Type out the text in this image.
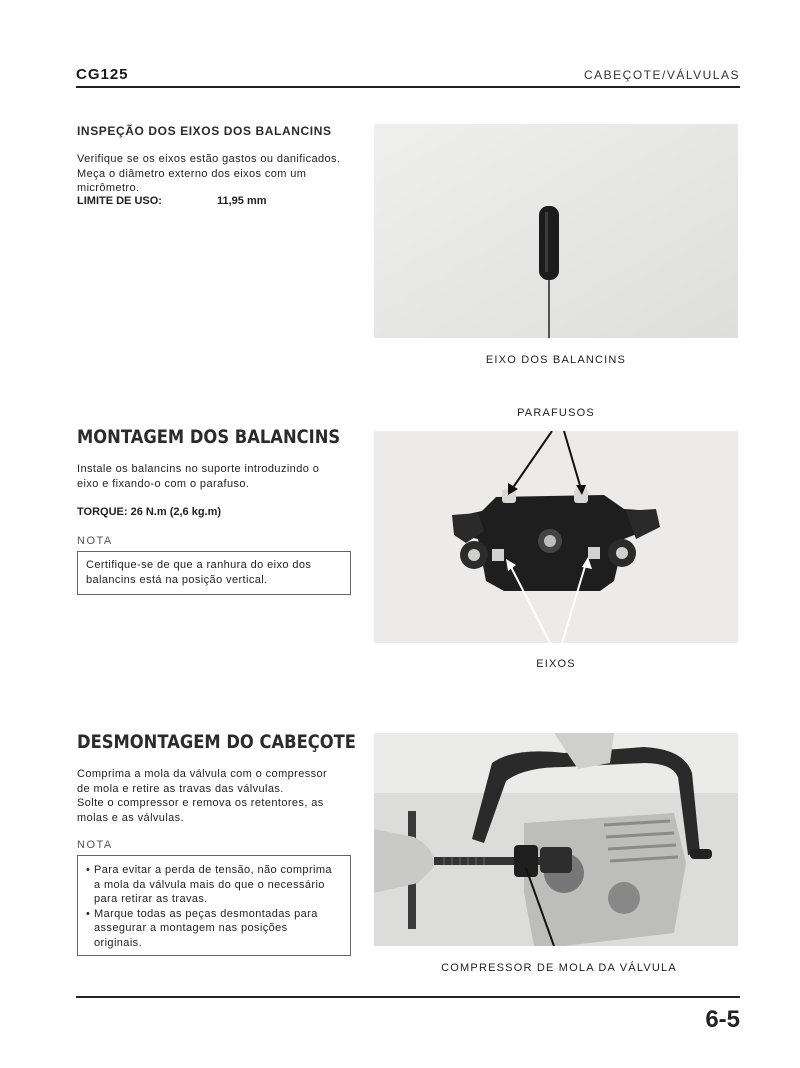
CG125	CABEÇOTE/VÁLVULAS
INSPEÇÃO DOS EIXOS DOS BALANCINS
Verifique se os eixos estão gastos ou danificados.
Meça o diâmetro externo dos eixos com um
micrômetro.
LIMITE DE USO:	11,95 mm
EIXO DOS BALANCINS
MONTAGEM DOS BALANCINS
Instale os balancins no suporte introduzindo o
eixo e fixando-o com o parafuso.
TORQUE: 26 N.m (2,6 kg.m)
NOTA
Certifique-se de que a ranhura do eixo dos
balancins está na posição vertical.
PARAFUSOS
EIXOS
DESMONTAGEM DO CABEÇOTE
Comprima a mola da válvula com o compressor
de mola e retire as travas das válvulas.
Solte o compressor e remova os retentores, as
molas e as válvulas.
NOTA
• Para evitar a perda de tensão, não comprima
a mola da válvula mais do que o necessário
para retirar as travas.
• Marque todas as peças desmontadas para
assegurar a montagem nas posições
originais.
COMPRESSOR DE MOLA DA VÁLVULA
6-5
